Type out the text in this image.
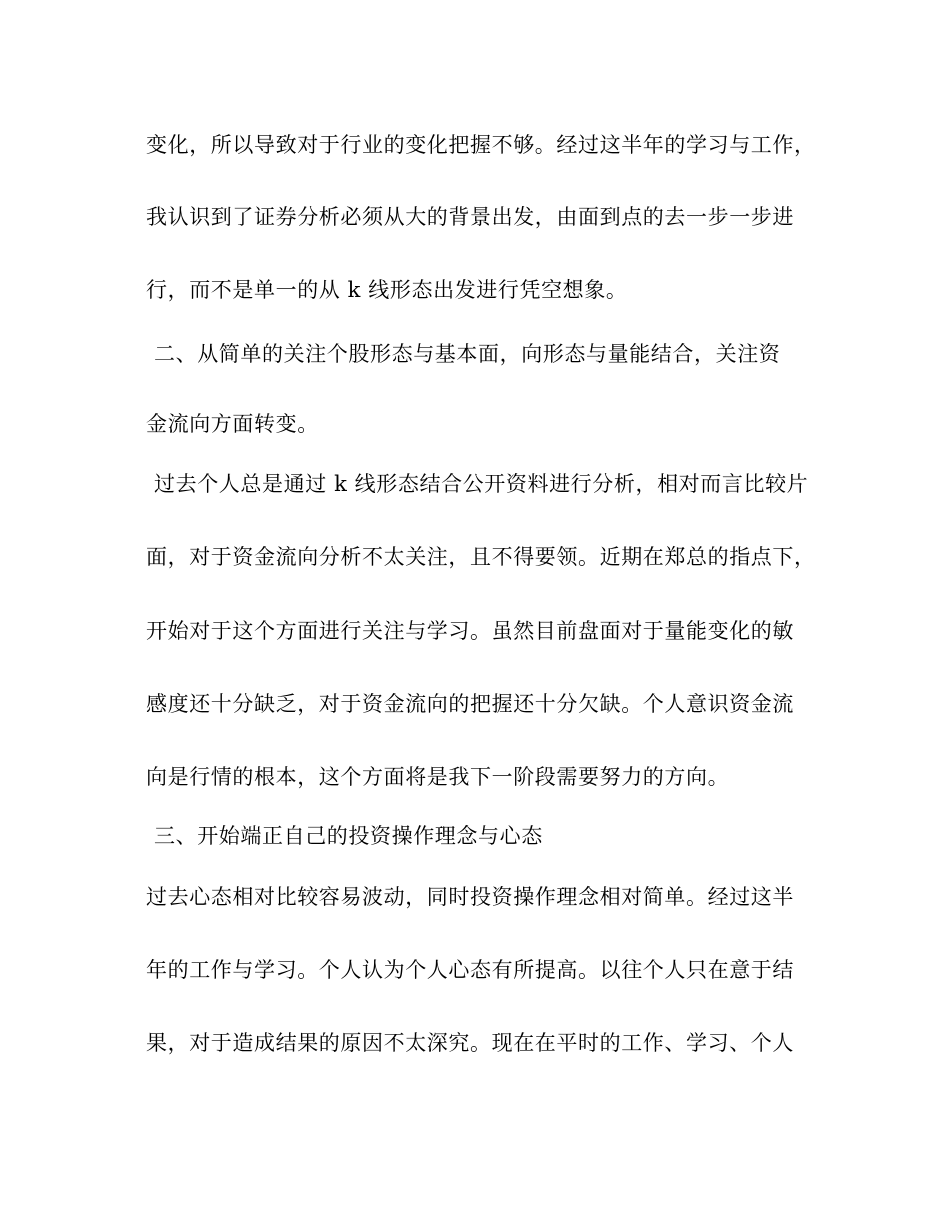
变化，所以导致对于行业的变化把握不够。经过这半年的学习与工作，
我认识到了证券分析必须从大的背景出发，由面到点的去一步一步进
行，而不是单一的从 k 线形态出发进行凭空想象。
二、从简单的关注个股形态与基本面，向形态与量能结合，关注资
金流向方面转变。
过去个人总是通过 k 线形态结合公开资料进行分析，相对而言比较片
面，对于资金流向分析不太关注，且不得要领。近期在郑总的指点下，
开始对于这个方面进行关注与学习。虽然目前盘面对于量能变化的敏
感度还十分缺乏，对于资金流向的把握还十分欠缺。个人意识资金流
向是行情的根本，这个方面将是我下一阶段需要努力的方向。
三、开始端正自己的投资操作理念与心态
过去心态相对比较容易波动，同时投资操作理念相对简单。经过这半
年的工作与学习。个人认为个人心态有所提高。以往个人只在意于结
果，对于造成结果的原因不太深究。现在在平时的工作、学习、个人
